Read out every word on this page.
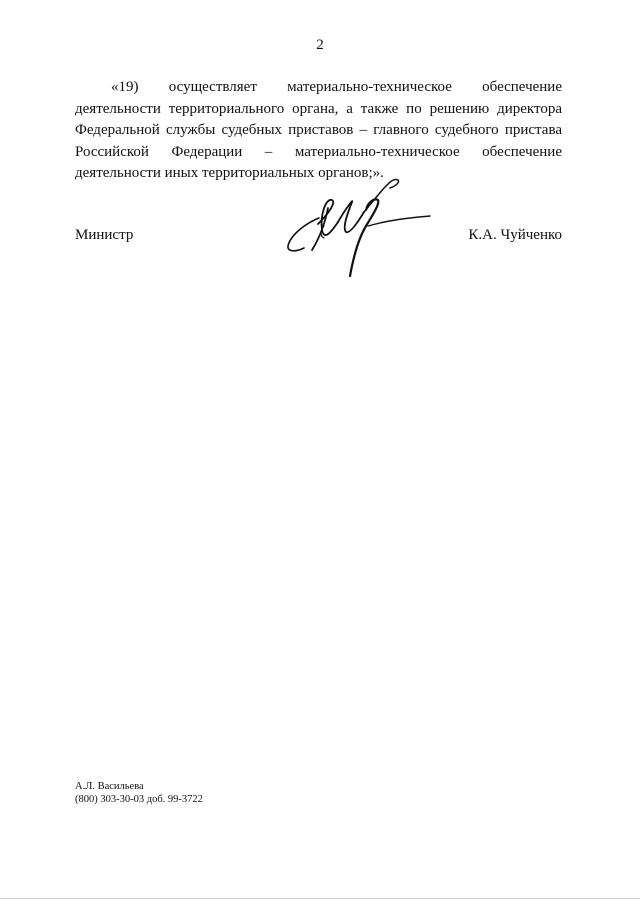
2
«19) осуществляет материально-техническое обеспечение деятельности территориального органа, а также по решению директора Федеральной службы судебных приставов – главного судебного пристава Российской Федерации – материально-техническое обеспечение деятельности иных территориальных органов;».
Министр	К.А. Чуйченко
А.Л. Васильева
(800) 303-30-03 доб. 99-3722
